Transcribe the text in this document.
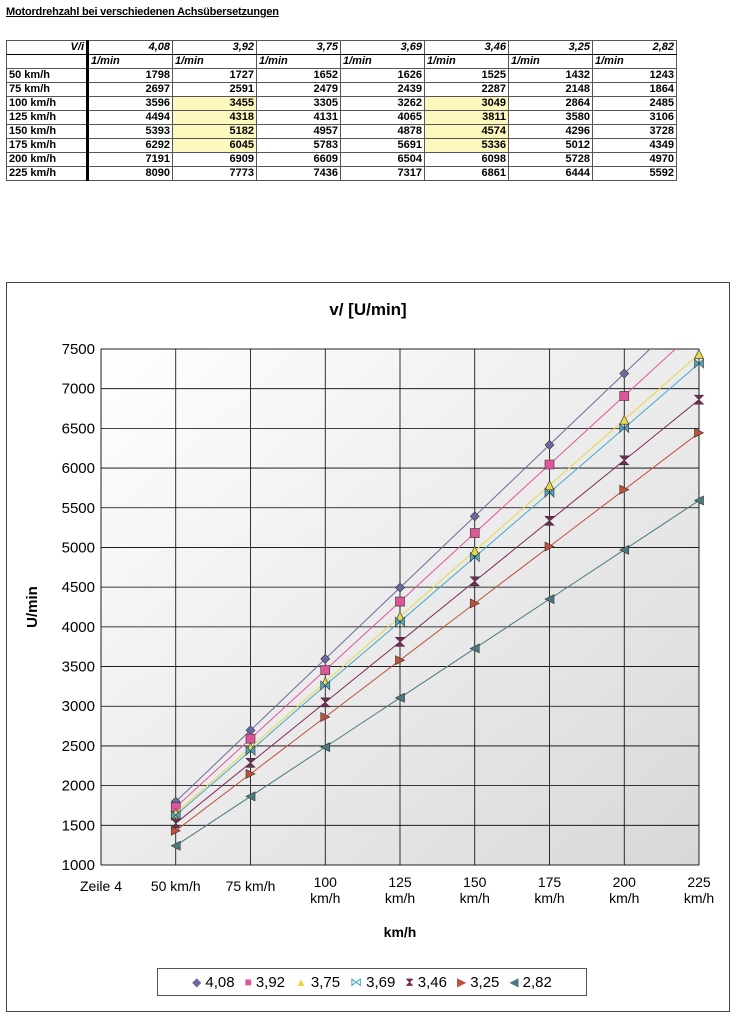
Motordrehzahl bei verschiedenen Achsübersetzungen
V/i	4,08	3,92	3,75	3,69	3,46	3,25	2,82
	1/min	1/min	1/min	1/min	1/min	1/min	1/min
50 km/h	1798	1727	1652	1626	1525	1432	1243
75 km/h	2697	2591	2479	2439	2287	2148	1864
100 km/h	3596	3455	3305	3262	3049	2864	2485
125 km/h	4494	4318	4131	4065	3811	3580	3106
150 km/h	5393	5182	4957	4878	4574	4296	3728
175 km/h	6292	6045	5783	5691	5336	5012	4349
200 km/h	7191	6909	6609	6504	6098	5728	4970
225 km/h	8090	7773	7436	7317	6861	6444	5592
1000
1500
2000
2500
3000
3500
4000
4500
5000
5500
6000
6500
7000
7500
Zeile 4 50 km/h 75 km/h	100 km/h
125 km/h
150 km/h
175 km/h
200 km/h
225 km/h
v/ [U/min]
km/h
U/min
◆ 4,08 ■ 3,92 ▲ 3,75 ⋈ 3,69 ⧗ 3,46 ▶ 3,25 ◀ 2,82
